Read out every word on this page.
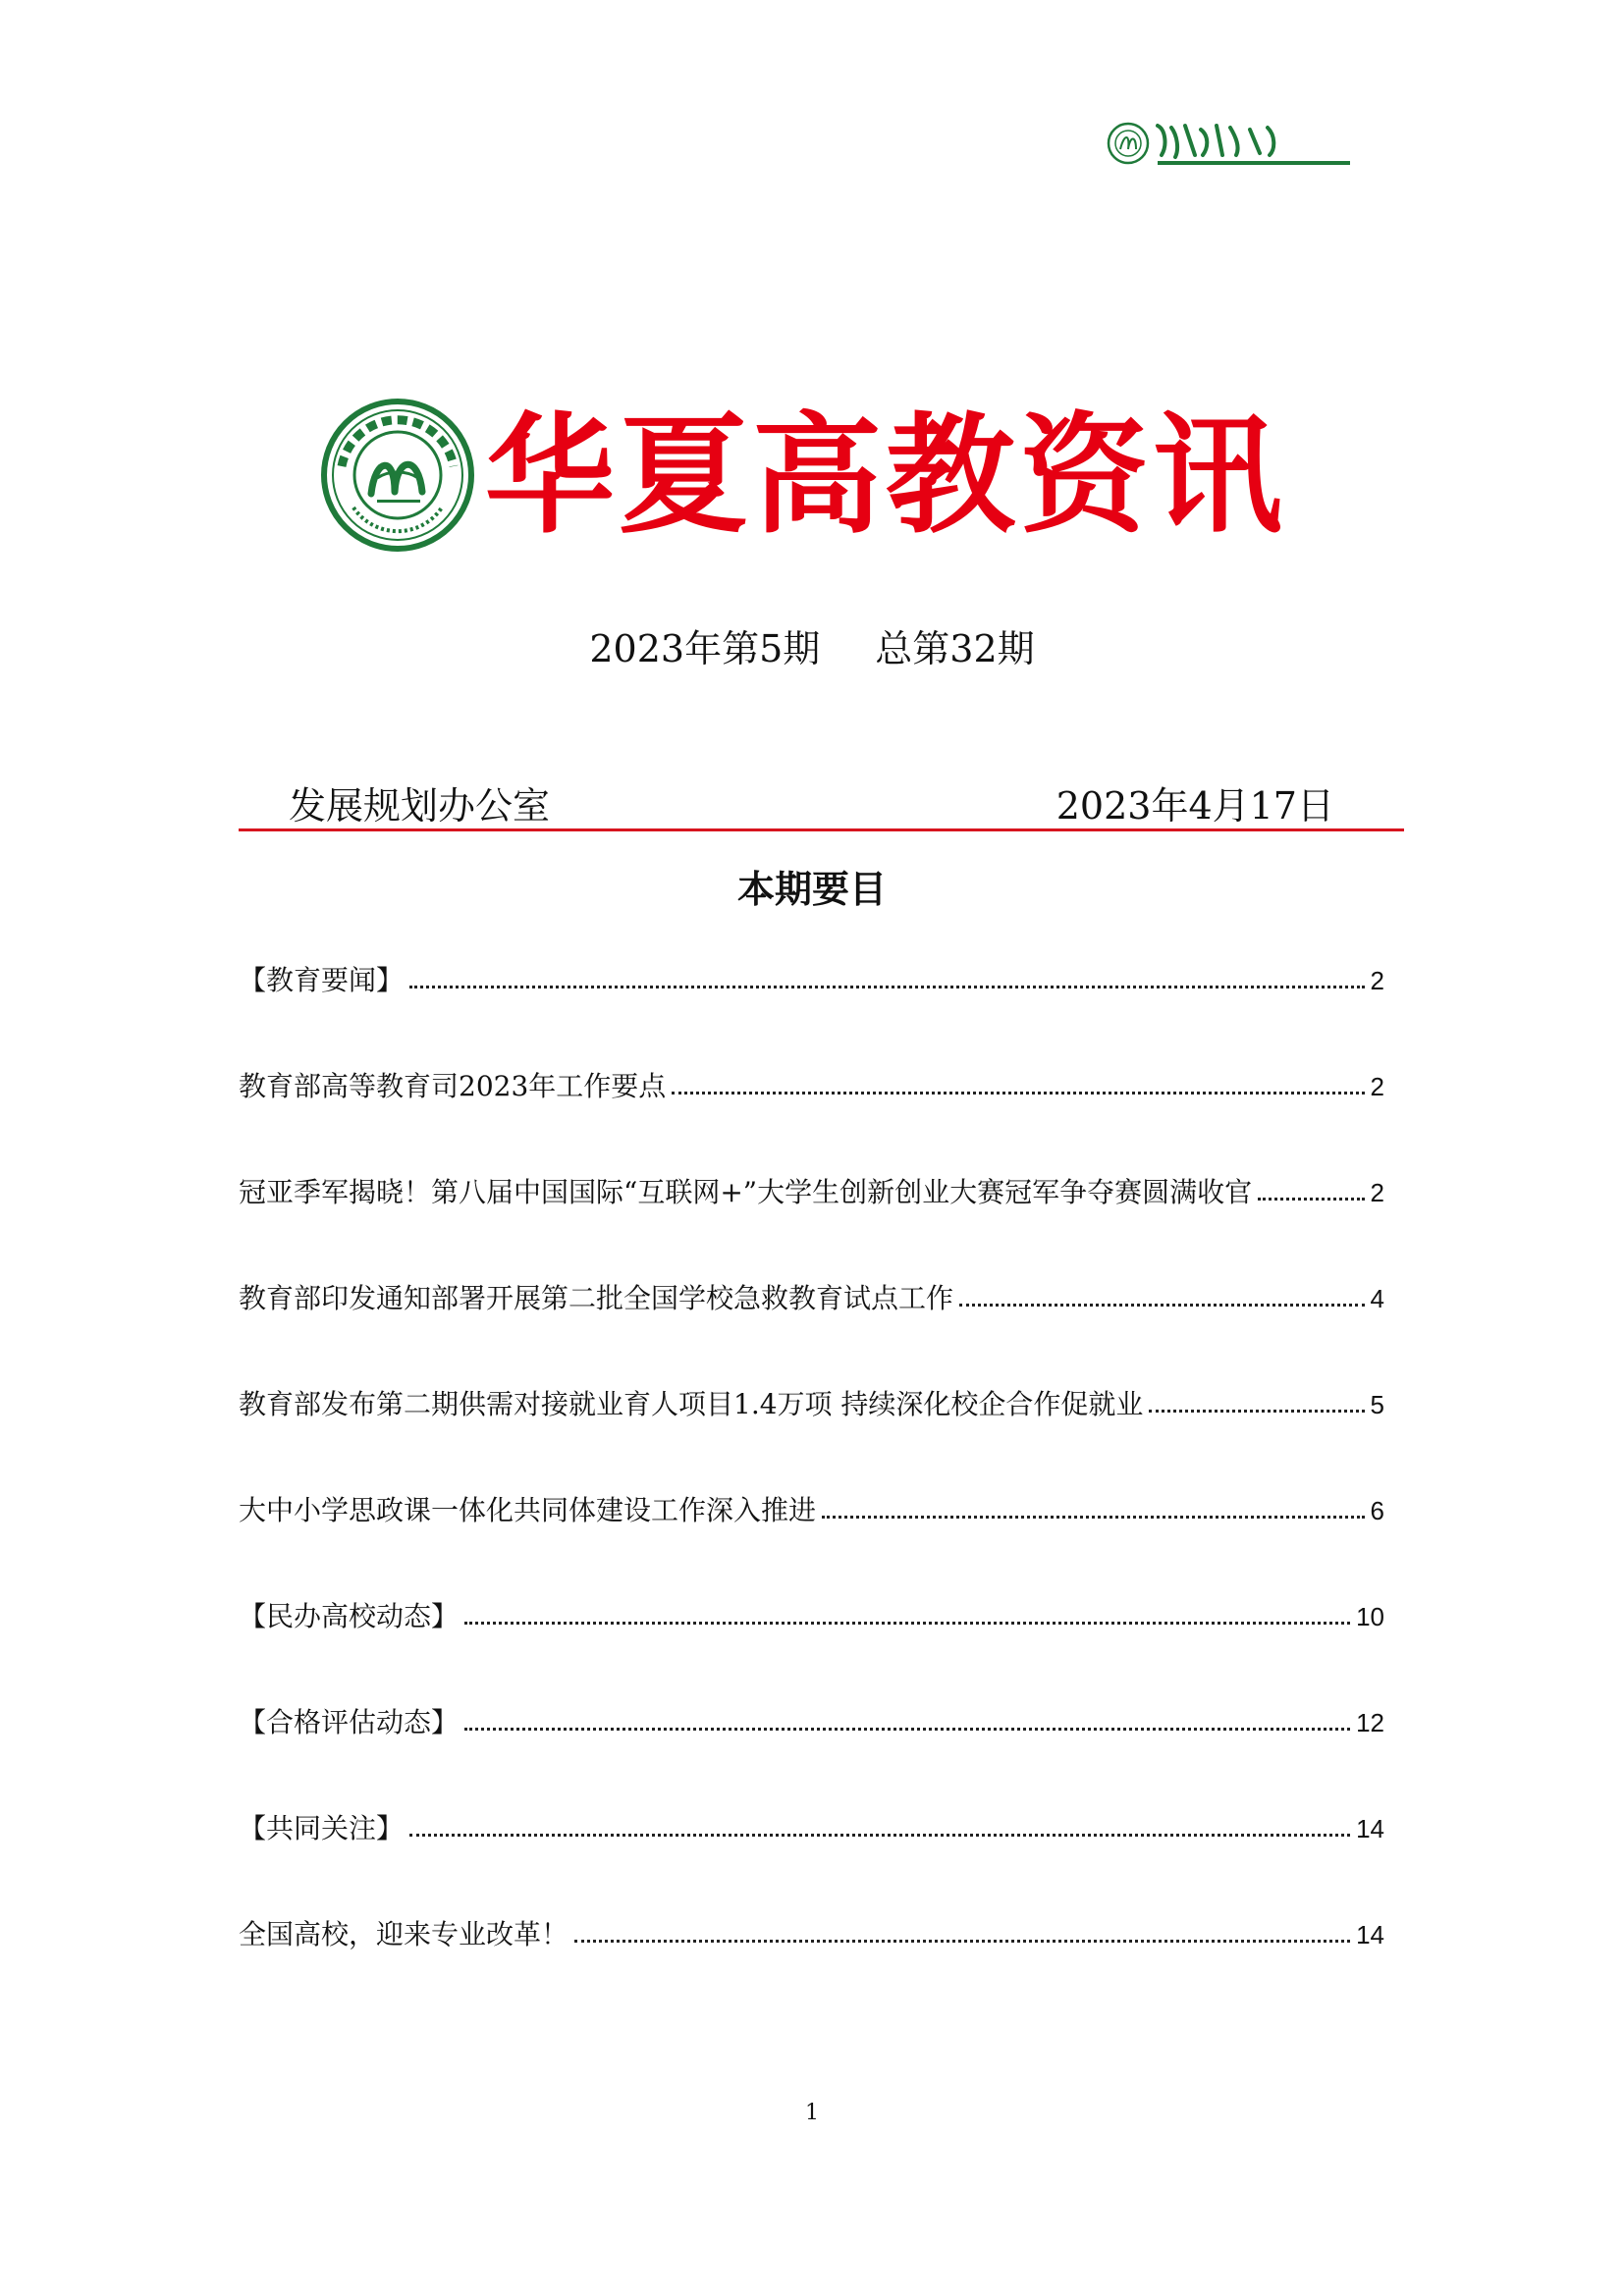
华夏高教资讯
2023年第5期 总第32期
发展规划办公室	2023年4月17日
本期要目
【教育要闻】	2
教育部高等教育司2023年工作要点	2
冠亚季军揭晓！第八届中国国际“互联网+”大学生创新创业大赛冠军争夺赛圆满收官	2
教育部印发通知部署开展第二批全国学校急救教育试点工作	4
教育部发布第二期供需对接就业育人项目1.4万项 持续深化校企合作促就业	5
大中小学思政课一体化共同体建设工作深入推进	6
【民办高校动态】	10
【合格评估动态】	12
【共同关注】	14
全国高校，迎来专业改革！	14
1
